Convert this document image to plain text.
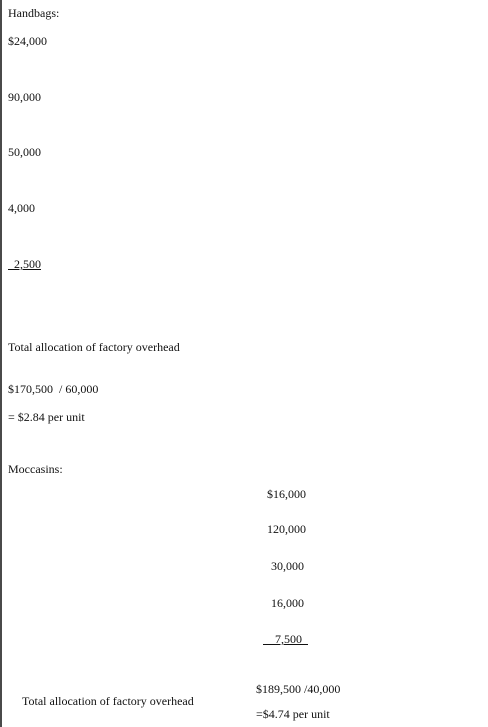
Handbags:
$24,000
90,000
50,000
4,000
2,500
Total allocation of factory overhead
$170,500  / 60,000
= $2.84 per unit
Moccasins:
$16,000
120,000
30,000
16,000
7,500
Total allocation of factory overhead
$189,500 /40,000
=$4.74 per unit
